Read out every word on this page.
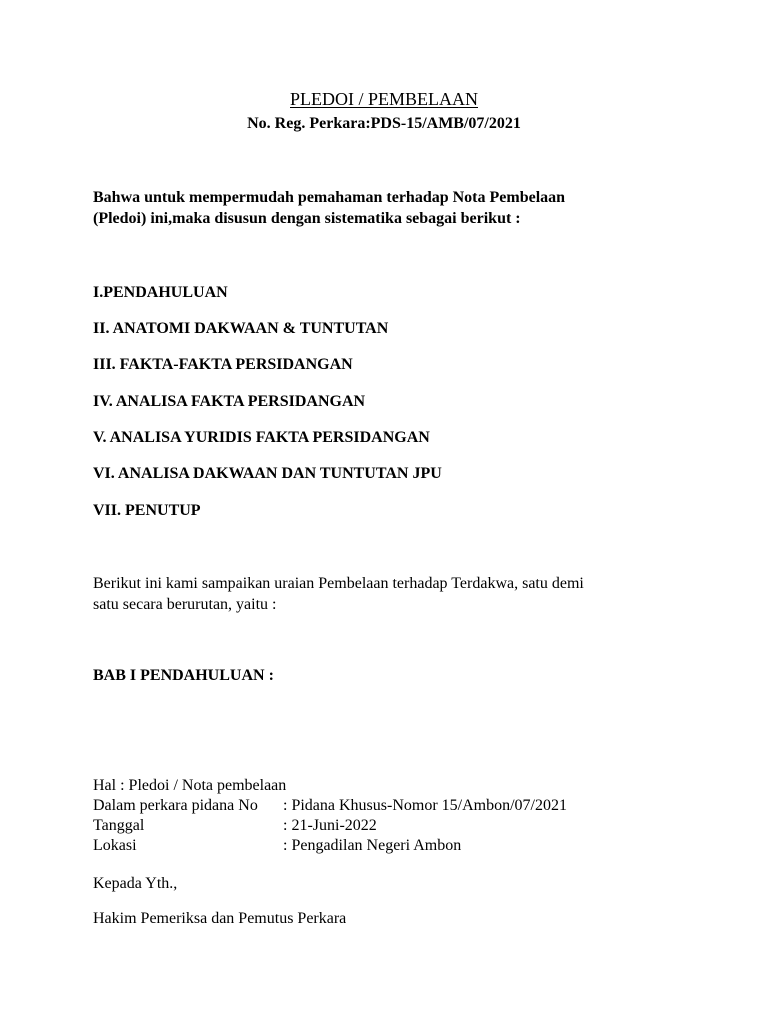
PLEDOI / PEMBELAAN
No. Reg. Perkara:PDS-15/AMB/07/2021
Bahwa untuk mempermudah pemahaman terhadap Nota Pembelaan
(Pledoi) ini,maka disusun dengan sistematika sebagai berikut :
I.PENDAHULUAN
II. ANATOMI DAKWAAN & TUNTUTAN
III. FAKTA-FAKTA PERSIDANGAN
IV. ANALISA FAKTA PERSIDANGAN
V. ANALISA YURIDIS FAKTA PERSIDANGAN
VI. ANALISA DAKWAAN DAN TUNTUTAN JPU
VII. PENUTUP
Berikut ini kami sampaikan uraian Pembelaan terhadap Terdakwa, satu demi
satu secara berurutan, yaitu :
BAB I PENDAHULUAN :
Hal : Pledoi / Nota pembelaan
Dalam perkara pidana No : Pidana Khusus-Nomor 15/Ambon/07/2021
Tanggal	: 21-Juni-2022
Lokasi	: Pengadilan Negeri Ambon
Kepada Yth.,
Hakim Pemeriksa dan Pemutus Perkara
